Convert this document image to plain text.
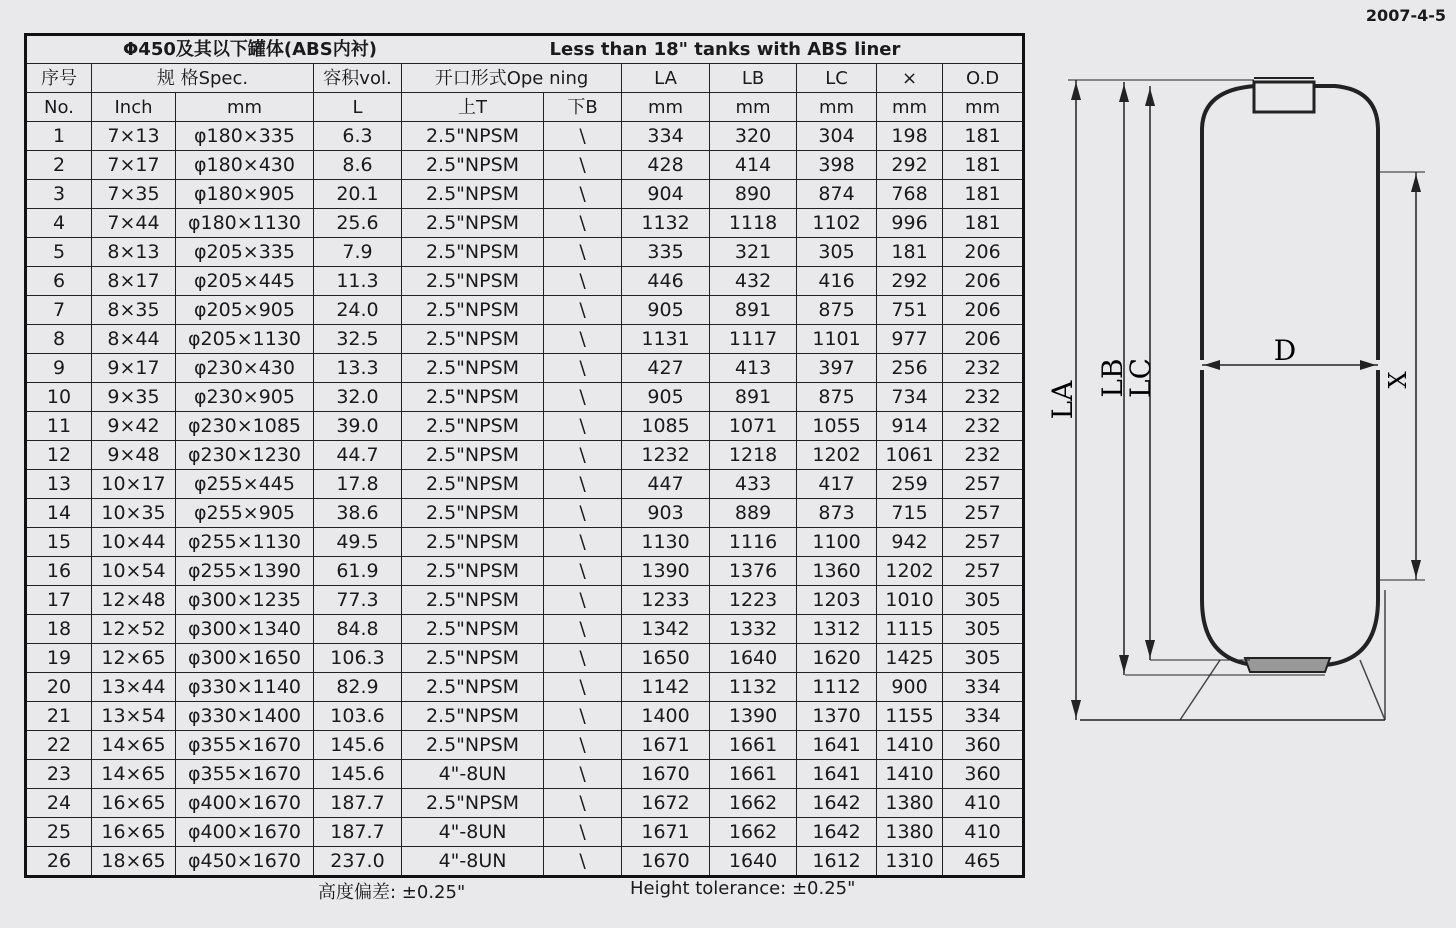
2007-4-5
Φ450及其以下罐体(ABS内衬)					Less than 18" tanks with ABS liner					
序号	规 格Spec.		容积vol.	开口形式Ope ning		LA	LB	LC	×	O.D
No.	Inch	mm	L	上T	下B	mm	mm	mm	mm	mm
1	7×13	φ180×335	6.3	2.5"NPSM	\	334	320	304	198	181
2	7×17	φ180×430	8.6	2.5"NPSM	\	428	414	398	292	181
3	7×35	φ180×905	20.1	2.5"NPSM	\	904	890	874	768	181
4	7×44	φ180×1130	25.6	2.5"NPSM	\	1132	1118	1102	996	181
5	8×13	φ205×335	7.9	2.5"NPSM	\	335	321	305	181	206
6	8×17	φ205×445	11.3	2.5"NPSM	\	446	432	416	292	206
7	8×35	φ205×905	24.0	2.5"NPSM	\	905	891	875	751	206
8	8×44	φ205×1130	32.5	2.5"NPSM	\	1131	1117	1101	977	206
9	9×17	φ230×430	13.3	2.5"NPSM	\	427	413	397	256	232
10	9×35	φ230×905	32.0	2.5"NPSM	\	905	891	875	734	232
11	9×42	φ230×1085	39.0	2.5"NPSM	\	1085	1071	1055	914	232
12	9×48	φ230×1230	44.7	2.5"NPSM	\	1232	1218	1202	1061	232
13	10×17	φ255×445	17.8	2.5"NPSM	\	447	433	417	259	257
14	10×35	φ255×905	38.6	2.5"NPSM	\	903	889	873	715	257
15	10×44	φ255×1130	49.5	2.5"NPSM	\	1130	1116	1100	942	257
16	10×54	φ255×1390	61.9	2.5"NPSM	\	1390	1376	1360	1202	257
17	12×48	φ300×1235	77.3	2.5"NPSM	\	1233	1223	1203	1010	305
18	12×52	φ300×1340	84.8	2.5"NPSM	\	1342	1332	1312	1115	305
19	12×65	φ300×1650	106.3	2.5"NPSM	\	1650	1640	1620	1425	305
20	13×44	φ330×1140	82.9	2.5"NPSM	\	1142	1132	1112	900	334
21	13×54	φ330×1400	103.6	2.5"NPSM	\	1400	1390	1370	1155	334
22	14×65	φ355×1670	145.6	2.5"NPSM	\	1671	1661	1641	1410	360
23	14×65	φ355×1670	145.6	4"-8UN	\	1670	1661	1641	1410	360
24	16×65	φ400×1670	187.7	2.5"NPSM	\	1672	1662	1642	1380	410
25	16×65	φ400×1670	187.7	4"-8UN	\	1671	1662	1642	1380	410
26	18×65	φ450×1670	237.0	4"-8UN	\	1670	1640	1612	1310	465
高度偏差: ±0.25"	Height tolerance: ±0.25"
LA
LB
LC
D
X
